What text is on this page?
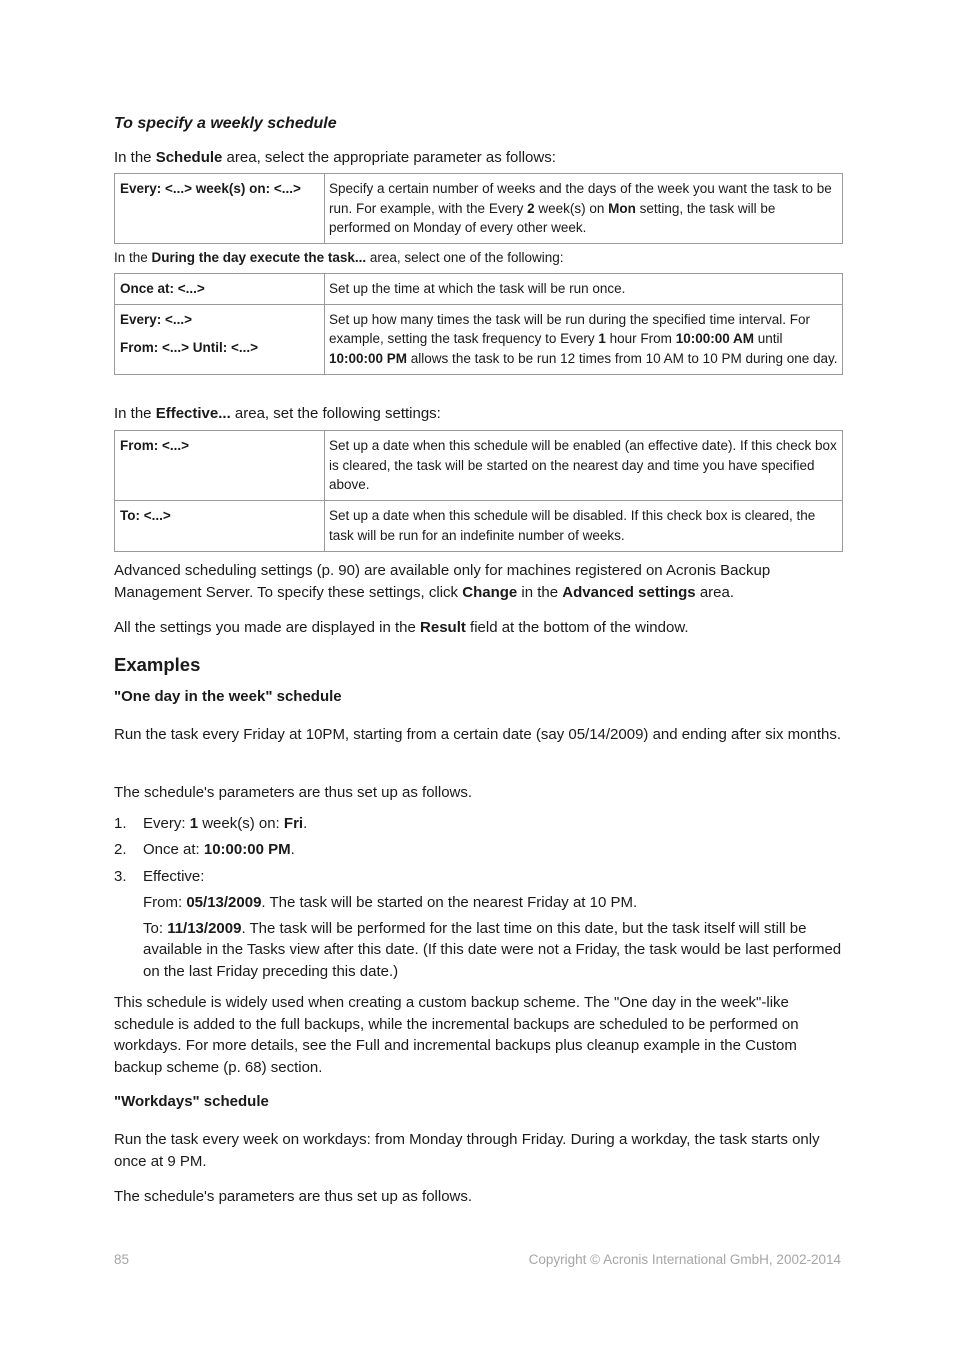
To specify a weekly schedule
In the Schedule area, select the appropriate parameter as follows:
Every: <...> week(s) on: <...>	Specify a certain number of weeks and the days of the week you want the task to be run. For example, with the Every 2 week(s) on Mon setting, the task will be performed on Monday of every other week.
In the During the day execute the task... area, select one of the following:
Once at: <...>	Set up the time at which the task will be run once.

Every: <...>
From: <...> Until: <...>	Set up how many times the task will be run during the specified time interval. For example, setting the task frequency to Every 1 hour From 10:00:00 AM until 10:00:00 PM allows the task to be run 12 times from 10 AM to 10 PM during one day.
In the Effective... area, set the following settings:
From: <...>	Set up a date when this schedule will be enabled (an effective date). If this check box is cleared, the task will be started on the nearest day and time you have specified above.
To: <...>	Set up a date when this schedule will be disabled. If this check box is cleared, the task will be run for an indefinite number of weeks.
Advanced scheduling settings (p. 90) are available only for machines registered on Acronis Backup Management Server. To specify these settings, click Change in the Advanced settings area.
All the settings you made are displayed in the Result field at the bottom of the window.
Examples
"One day in the week" schedule
Run the task every Friday at 10PM, starting from a certain date (say 05/14/2009) and ending after six months.
The schedule's parameters are thus set up as follows.
1. Every: 1 week(s) on: Fri.
2. Once at: 10:00:00 PM.
3. Effective:
From: 05/13/2009. The task will be started on the nearest Friday at 10 PM.
To: 11/13/2009. The task will be performed for the last time on this date, but the task itself will still be available in the Tasks view after this date. (If this date were not a Friday, the task would be last performed on the last Friday preceding this date.)
This schedule is widely used when creating a custom backup scheme. The "One day in the week"-like schedule is added to the full backups, while the incremental backups are scheduled to be performed on workdays. For more details, see the Full and incremental backups plus cleanup example in the Custom backup scheme (p. 68) section.
"Workdays" schedule
Run the task every week on workdays: from Monday through Friday. During a workday, the task starts only once at 9 PM.
The schedule's parameters are thus set up as follows.
85	Copyright © Acronis International GmbH, 2002-2014
